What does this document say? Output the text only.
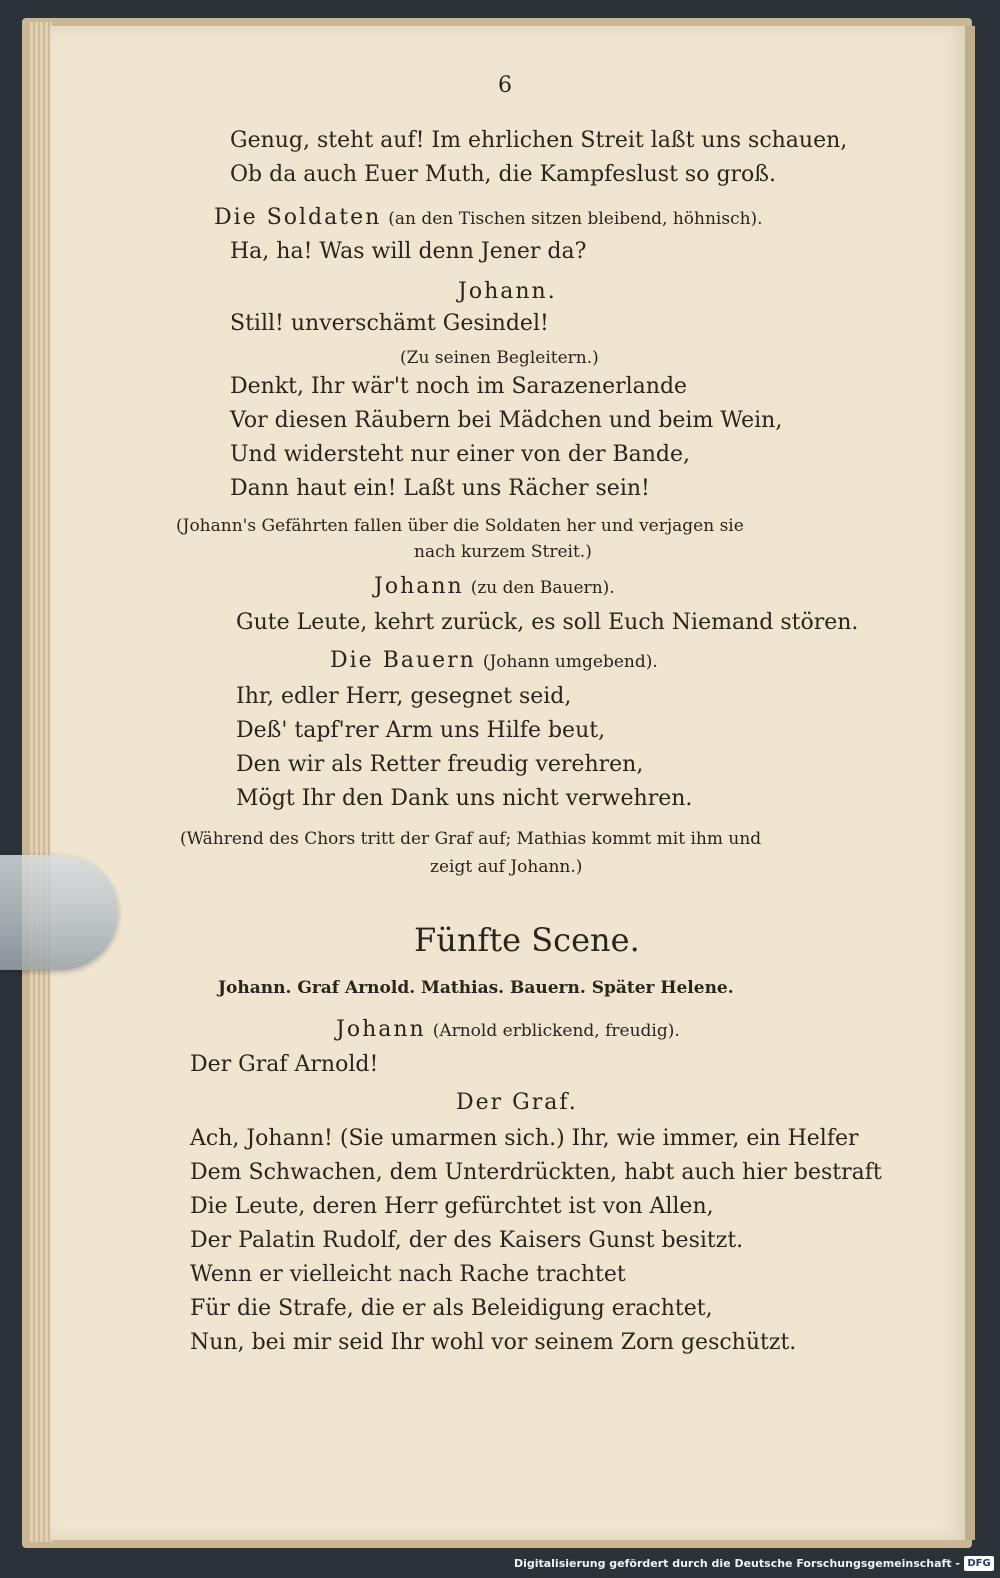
6
Genug, steht auf! Im ehrlichen Streit laßt uns schauen,
Ob da auch Euer Muth, die Kampfeslust so groß.
Die Soldaten (an den Tischen sitzen bleibend, höhnisch).
Ha, ha! Was will denn Jener da?
Johann.
Still! unverschämt Gesindel!
(Zu seinen Begleitern.)
Denkt, Ihr wär't noch im Sarazenerlande
Vor diesen Räubern bei Mädchen und beim Wein,
Und widersteht nur einer von der Bande,
Dann haut ein! Laßt uns Rächer sein!
(Johann's Gefährten fallen über die Soldaten her und verjagen sie
nach kurzem Streit.)
Johann (zu den Bauern).
Gute Leute, kehrt zurück, es soll Euch Niemand stören.
Die Bauern (Johann umgebend).
Ihr, edler Herr, gesegnet seid,
Deß' tapf'rer Arm uns Hilfe beut,
Den wir als Retter freudig verehren,
Mögt Ihr den Dank uns nicht verwehren.
(Während des Chors tritt der Graf auf; Mathias kommt mit ihm und
zeigt auf Johann.)
Fünfte Scene.
Johann. Graf Arnold. Mathias. Bauern. Später Helene.
Johann (Arnold erblickend, freudig).
Der Graf Arnold!
Der Graf.
Ach, Johann! (Sie umarmen sich.) Ihr, wie immer, ein Helfer
Dem Schwachen, dem Unterdrückten, habt auch hier bestraft
Die Leute, deren Herr gefürchtet ist von Allen,
Der Palatin Rudolf, der des Kaisers Gunst besitzt.
Wenn er vielleicht nach Rache trachtet
Für die Strafe, die er als Beleidigung erachtet,
Nun, bei mir seid Ihr wohl vor seinem Zorn geschützt.
Digitalisierung gefördert durch die Deutsche Forschungsgemeinschaft - DFG
